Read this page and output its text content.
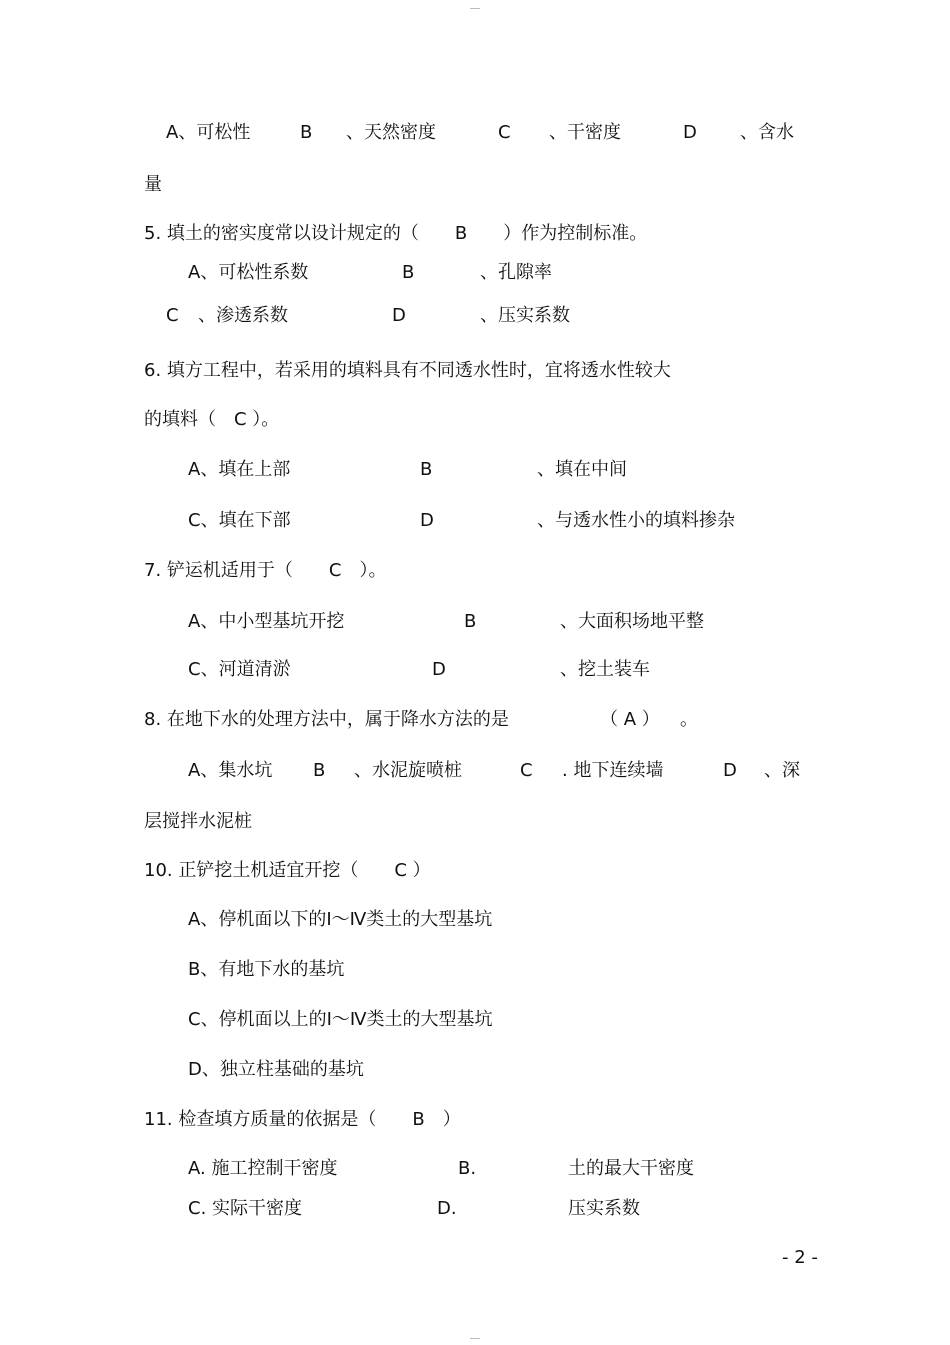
A、可松性	B 、天然密度	C 、干密度	D 、含水
量
5. 填土的密实度常以设计规定的（　　B　　）作为控制标准。
A、可松性系数	B	、孔隙率
C 、渗透系数	D	、压实系数
6. 填方工程中，若采用的填料具有不同透水性时，宜将透水性较大
的填料（　C ）。
A、填在上部	B	、填在中间
C、填在下部	D	、与透水性小的填料掺杂
7. 铲运机适用于（　　C　）。
A、中小型基坑开挖	B	、大面积场地平整
C、河道清淤	D	、挖土装车
8. 在地下水的处理方法中，属于降水方法的是	（ A ） 。
A、集水坑 B 、水泥旋喷桩	C . 地下连续墙	D 、深
层搅拌水泥桩
10. 正铲挖土机适宜开挖（　　C ）
A、停机面以下的Ⅰ～Ⅳ类土的大型基坑
B、有地下水的基坑
C、停机面以上的Ⅰ～Ⅳ类土的大型基坑
D、独立柱基础的基坑
11. 检查填方质量的依据是（　　B　）
A. 施工控制干密度	B.	土的最大干密度
C. 实际干密度	D.	压实系数
- 2 -
